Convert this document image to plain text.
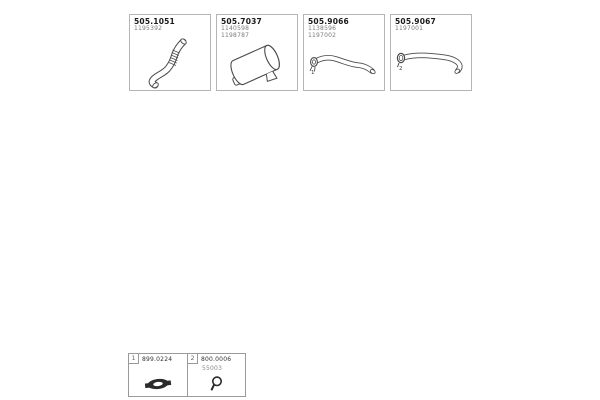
505.1051
1195392
505.7037
1140598
1198787
505.9066
1138596
1197002
1
505.9067
1197001
2
1	899.0224	2	800.0006
55003
